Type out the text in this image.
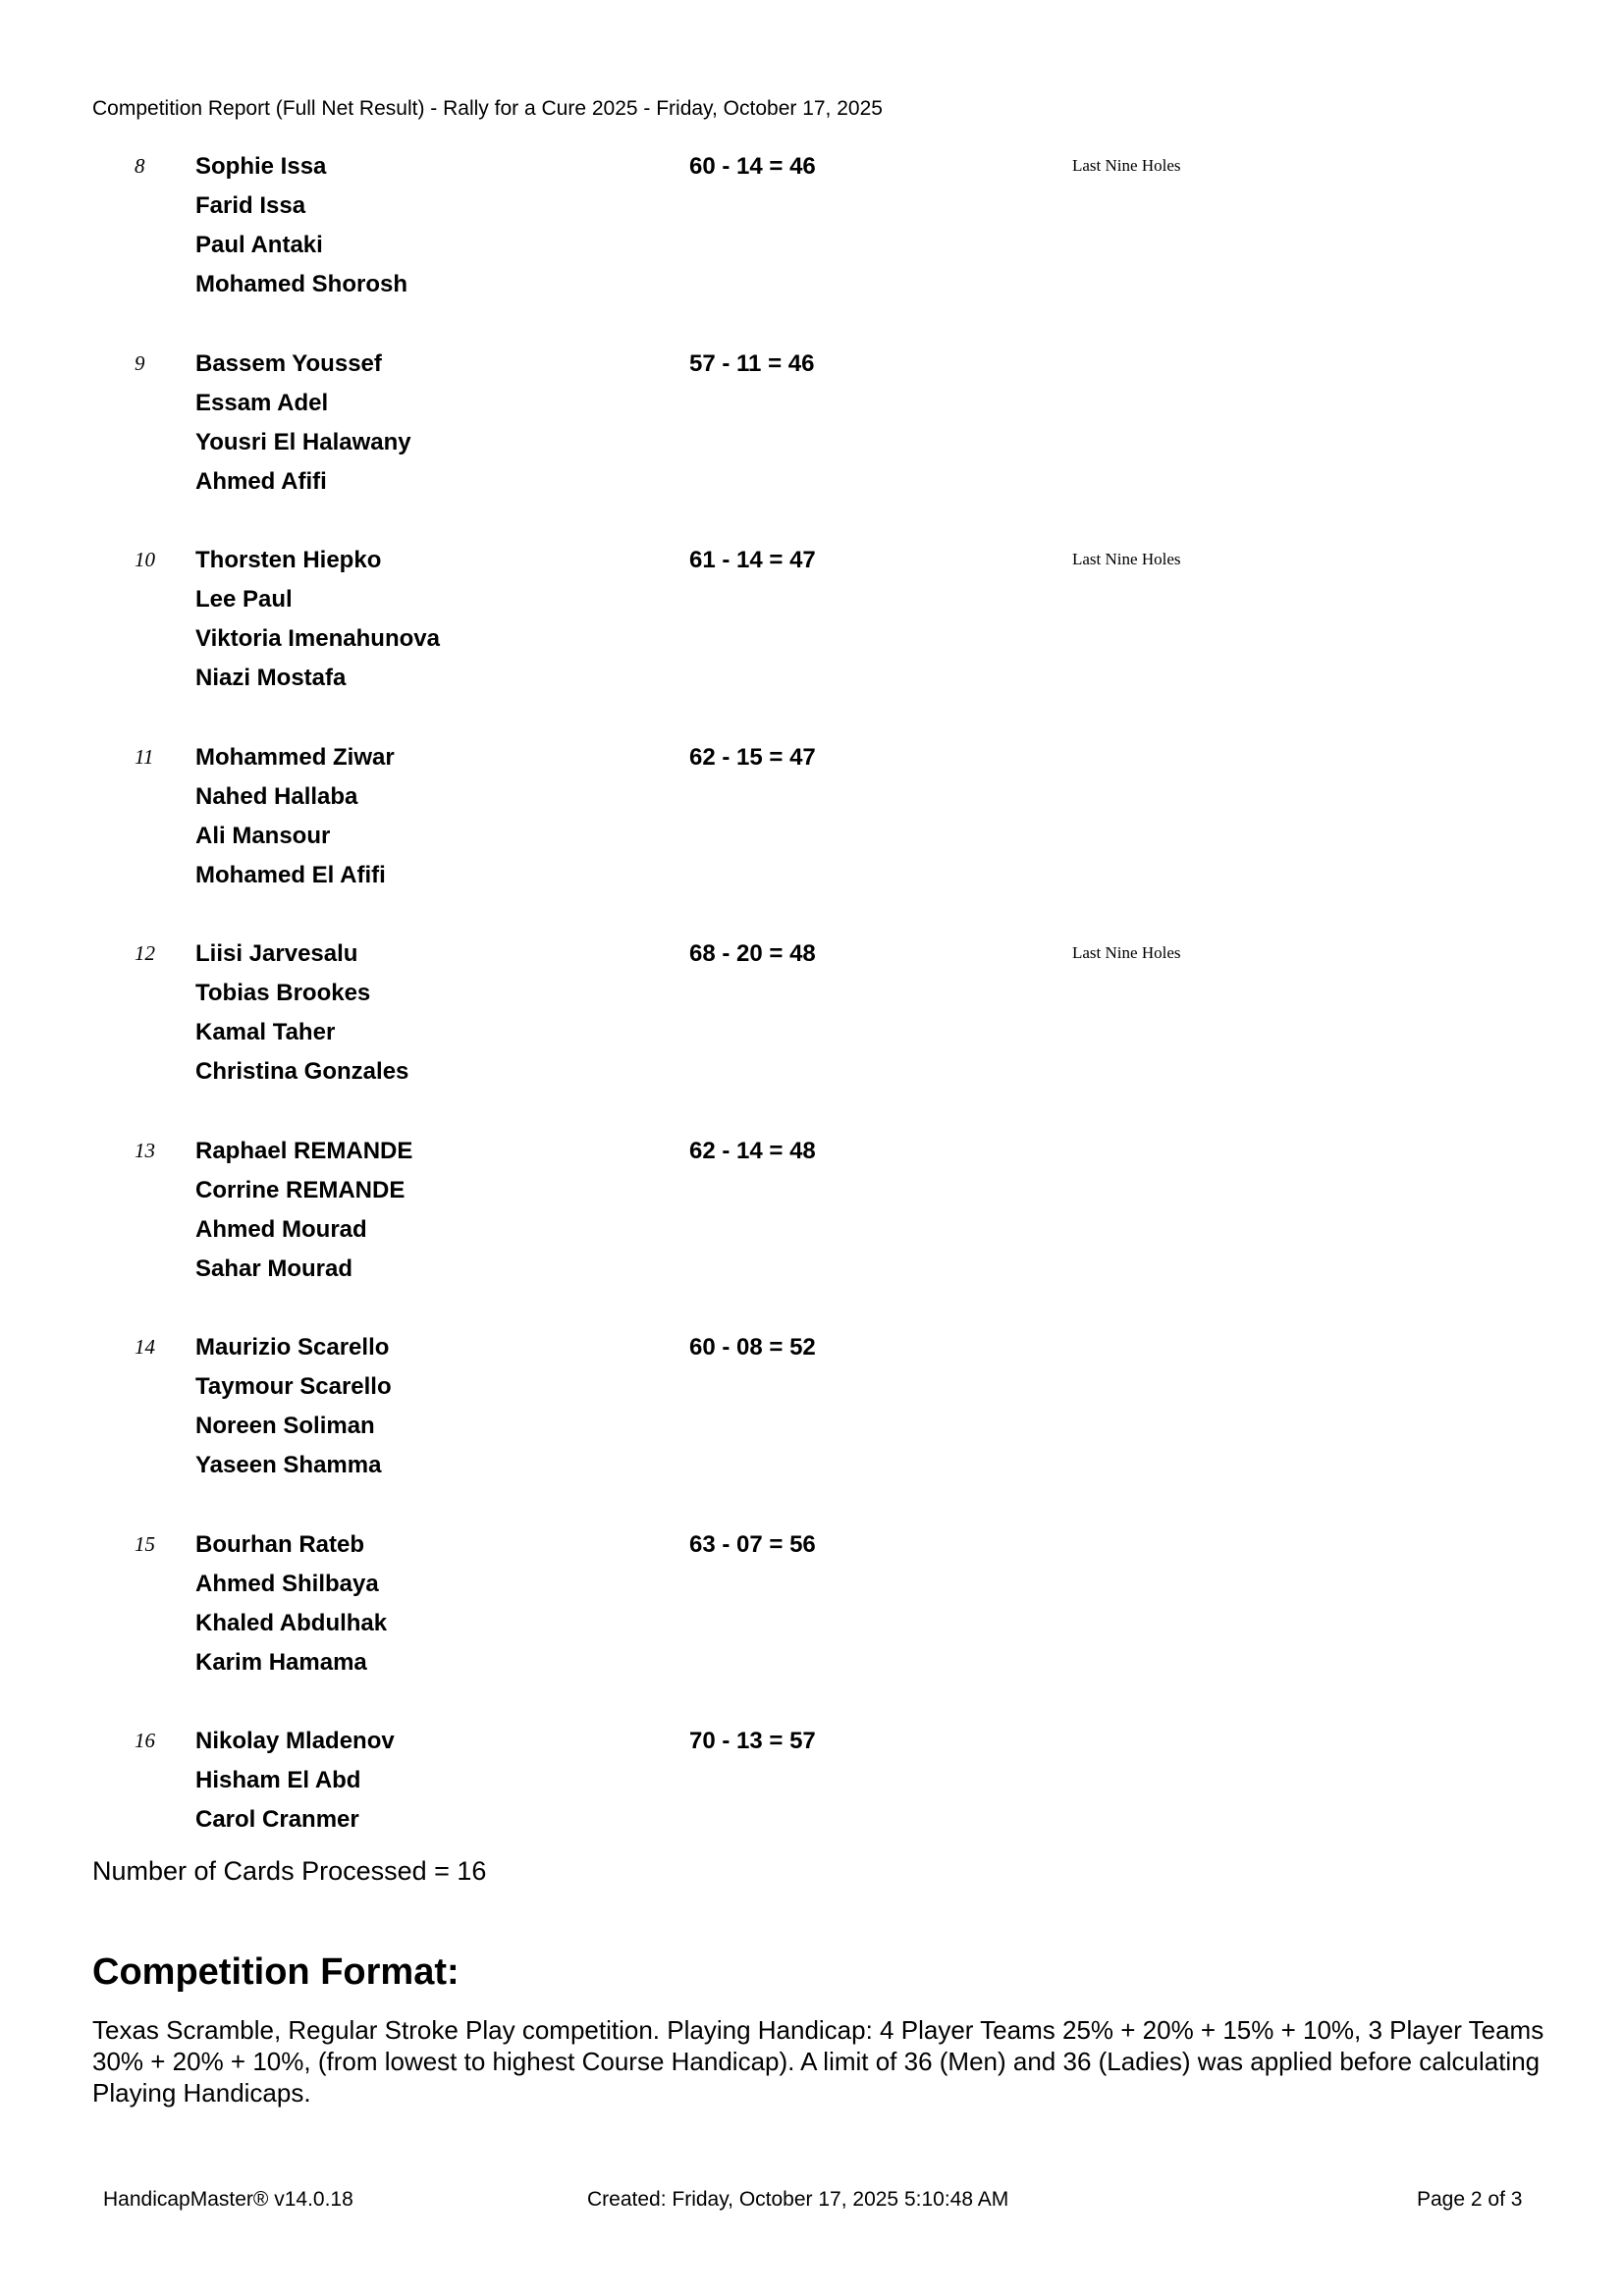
Competition Report (Full Net Result) - Rally for a Cure 2025 - Friday, October 17, 2025
8 Sophie Issa
Farid Issa
Paul Antaki
Mohamed Shorosh
60 - 14 = 46	Last Nine Holes
9 Bassem Youssef
Essam Adel
Yousri El Halawany
Ahmed Afifi
57 - 11 = 46
10 Thorsten Hiepko
Lee Paul
Viktoria Imenahunova
Niazi Mostafa
61 - 14 = 47	Last Nine Holes
11 Mohammed Ziwar
Nahed Hallaba
Ali Mansour
Mohamed El Afifi
62 - 15 = 47
12 Liisi Jarvesalu
Tobias Brookes
Kamal Taher
Christina Gonzales
68 - 20 = 48	Last Nine Holes
13 Raphael REMANDE
Corrine REMANDE
Ahmed Mourad
Sahar Mourad
62 - 14 = 48
14 Maurizio Scarello
Taymour Scarello
Noreen Soliman
Yaseen Shamma
60 - 08 = 52
15 Bourhan Rateb
Ahmed Shilbaya
Khaled Abdulhak
Karim Hamama
63 - 07 = 56
16 Nikolay Mladenov
Hisham El Abd
Carol Cranmer
70 - 13 = 57
Number of Cards Processed = 16
Competition Format:
Texas Scramble, Regular Stroke Play competition. Playing Handicap: 4 Player Teams 25% + 20% + 15% + 10%, 3 Player Teams 30% + 20% + 10%, (from lowest to highest Course Handicap). A limit of 36 (Men) and 36 (Ladies) was applied before calculating Playing Handicaps.
HandicapMaster® v14.0.18	Created: Friday, October 17, 2025 5:10:48 AM	Page 2 of 3
